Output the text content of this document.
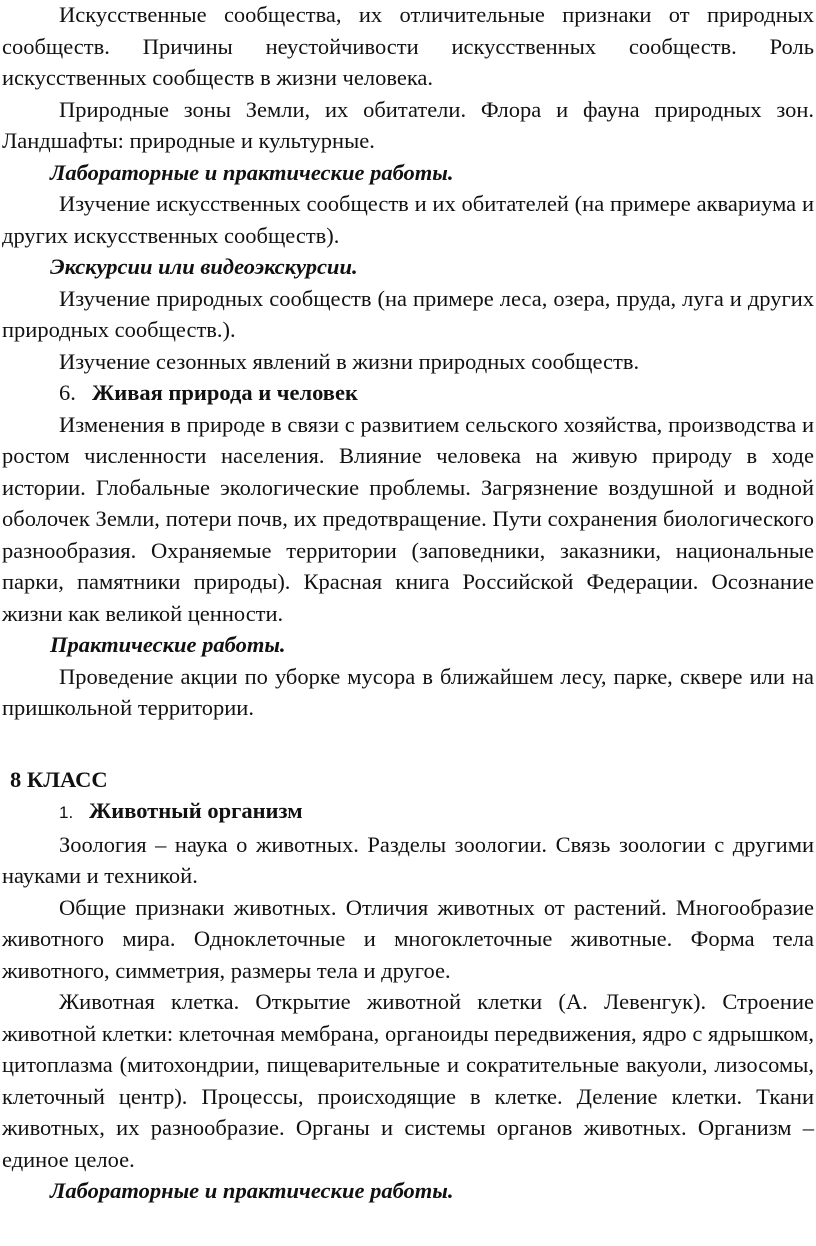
Искусственные сообщества, их отличительные признаки от природных сообществ. Причины неустойчивости искусственных сообществ. Роль искусственных сообществ в жизни человека.

Природные зоны Земли, их обитатели. Флора и фауна природных зон. Ландшафты: природные и культурные.

Лабораторные и практические работы.

Изучение искусственных сообществ и их обитателей (на примере аквариума и других искусственных сообществ).

Экскурсии или видеоэкскурсии.

Изучение природных сообществ (на примере леса, озера, пруда, луга и других природных сообществ.).

Изучение сезонных явлений в жизни природных сообществ.

6. Живая природа и человек

Изменения в природе в связи с развитием сельского хозяйства, производства и ростом численности населения. Влияние человека на живую природу в ходе истории. Глобальные экологические проблемы. Загрязнение воздушной и водной оболочек Земли, потери почв, их предотвращение. Пути сохранения биологического разнообразия. Охраняемые территории (заповедники, заказники, национальные парки, памятники природы). Красная книга Российской Федерации. Осознание жизни как великой ценности.

Практические работы.

Проведение акции по уборке мусора в ближайшем лесу, парке, сквере или на пришкольной территории.

8 КЛАСС

1. Животный организм

Зоология – наука о животных. Разделы зоологии. Связь зоологии с другими науками и техникой.

Общие признаки животных. Отличия животных от растений. Многообразие животного мира. Одноклеточные и многоклеточные животные. Форма тела животного, симметрия, размеры тела и другое.

Животная клетка. Открытие животной клетки (А. Левенгук). Строение животной клетки: клеточная мембрана, органоиды передвижения, ядро с ядрышком, цитоплазма (митохондрии, пищеварительные и сократительные вакуоли, лизосомы, клеточный центр). Процессы, происходящие в клетке. Деление клетки. Ткани животных, их разнообразие. Органы и системы органов животных. Организм – единое целое.

Лабораторные и практические работы.
